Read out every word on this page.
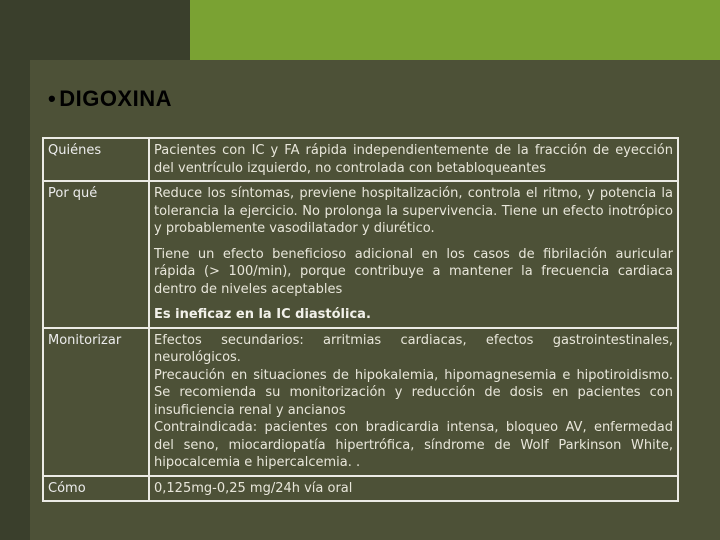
• DIGOXINA
Quiénes	Pacientes con IC y FA rápida independientemente de la fracción de eyección del ventrículo izquierdo, no controlada con betabloqueantes

Por qué	Reduce los síntomas, previene hospitalización, controla el ritmo, y potencia la tolerancia la ejercicio. No prolonga la supervivencia. Tiene un efecto inotrópico y probablemente vasodilatador y diurético.

Tiene un efecto beneficioso adicional en los casos de fibrilación auricular rápida (> 100/min), porque contribuye a mantener la frecuencia cardiaca dentro de niveles aceptables

Es ineficaz en la IC diastólica.

Monitorizar	Efectos secundarios: arritmias cardiacas, efectos gastrointestinales, neurológicos.

Precaución en situaciones de hipokalemia, hipomagnesemia e hipotiroidismo. Se recomienda su monitorización y reducción de dosis en pacientes con insuficiencia renal y ancianos

Contraindicada: pacientes con bradicardia intensa, bloqueo AV, enfermedad del seno, miocardiopatía hipertrófica, síndrome de Wolf Parkinson White, hipocalcemia e hipercalcemia. .

Cómo	0,125mg-0,25 mg/24h vía oral
